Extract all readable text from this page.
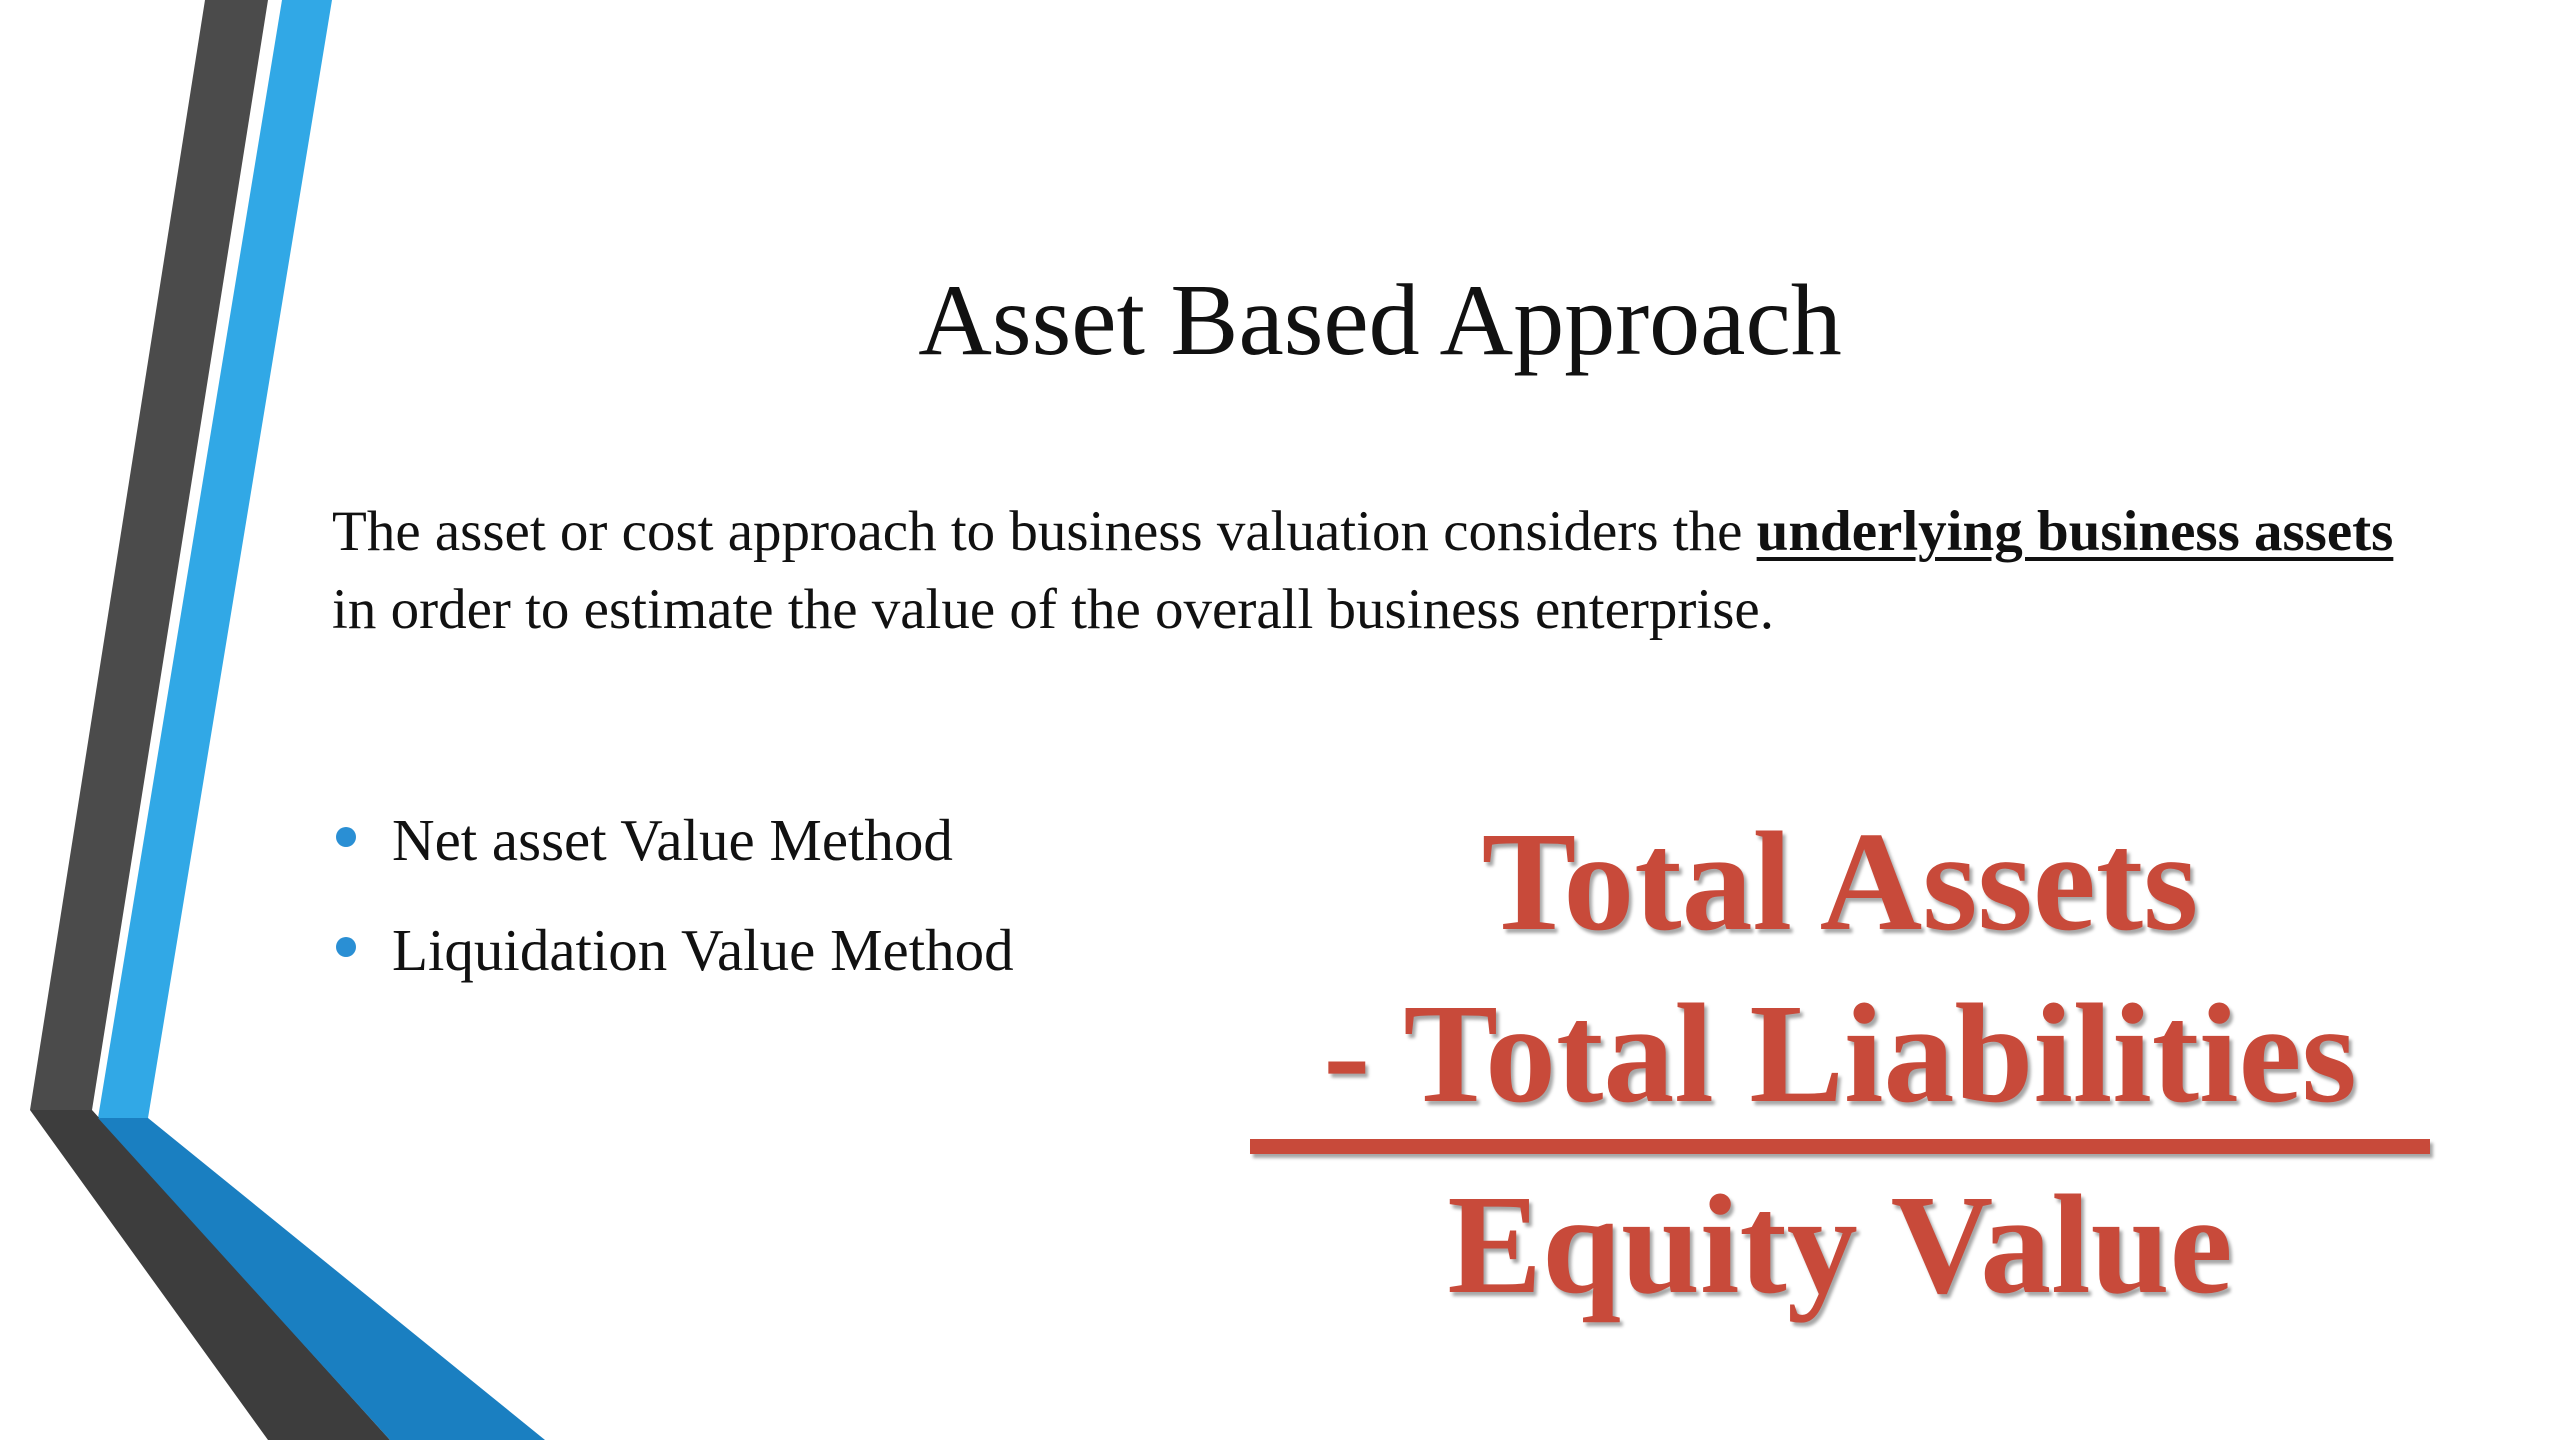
Asset Based Approach
The asset or cost approach to business valuation considers the underlying business assets in order to estimate the value of the overall business enterprise.
Net asset Value Method
Liquidation Value Method	Total Assets
- Total Liabilities
Equity Value
